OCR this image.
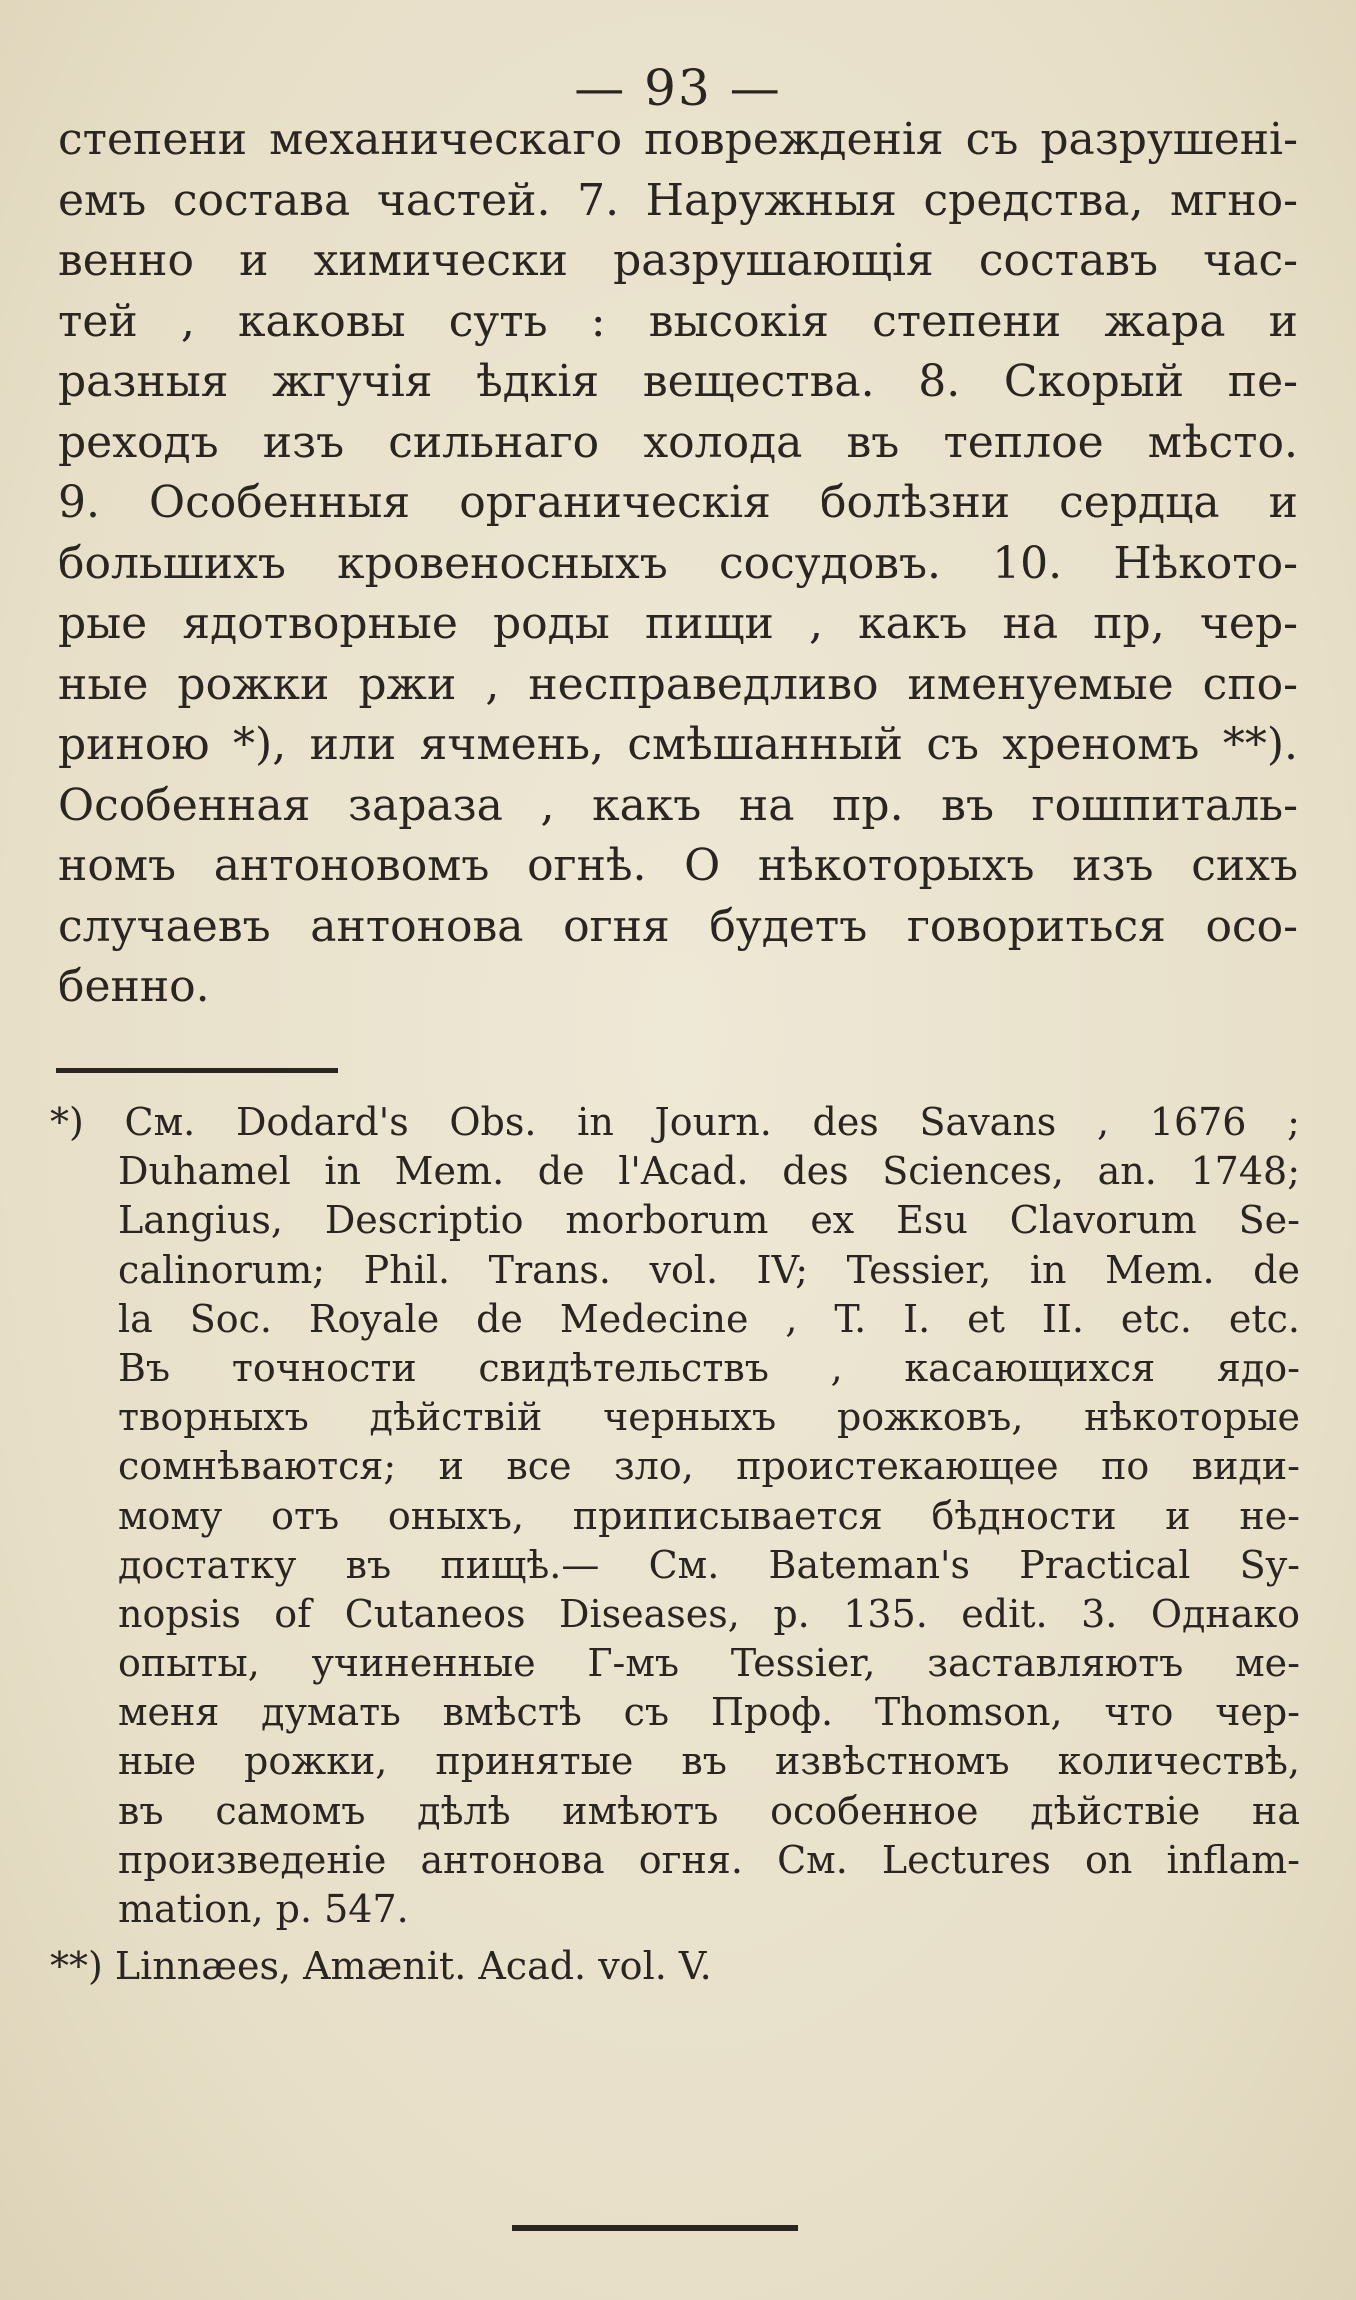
— 93 —
степени механическаго поврежденія съ разрушені-
емъ состава частей. 7. Наружныя средства, мгно-
венно и химически разрушающія составъ час-
тей , каковы суть : высокія степени жара и
разныя жгучія ѣдкія вещества. 8. Скорый пе-
реходъ изъ сильнаго холода въ теплое мѣсто.
9. Особенныя органическія болѣзни сердца и
большихъ кровеносныхъ сосудовъ. 10. Нѣкото-
рые ядотворные роды пищи , какъ на пр, чер-
ные рожки ржи , несправедливо именуемые спо-
риною *), или ячмень, смѣшанный съ хреномъ **).
Особенная зараза , какъ на пр. въ гошпиталь-
номъ антоновомъ огнѣ. О нѣкоторыхъ изъ сихъ
случаевъ антонова огня будетъ говориться осо-
бенно.
*) См. Dodard's Obs. in Journ. des Savans , 1676 ;
Duhamel in Mem. de l'Acad. des Sciences, an. 1748;
Langius, Descriptio morborum ex Esu Clavorum Se-
calinorum; Phil. Trans. vol. IV; Tessier, in Mem. de
la Soc. Royale de Medecine , T. I. et II. etc. etc.
Въ точности свидѣтельствъ , касающихся ядо-
творныхъ дѣйствій черныхъ рожковъ, нѣкоторые
сомнѣваются; и все зло, проистекающее по види-
мому отъ оныхъ, приписывается бѣдности и не-
достатку въ пищѣ.— См. Bateman's Practical Sy-
nopsis of Cutaneos Diseases, p. 135. edit. 3. Однако
опыты, учиненные Г-мъ Tessier, заставляютъ ме-
меня думать вмѣстѣ съ Проф. Thomson, что чер-
ные рожки, принятые въ извѣстномъ количествѣ,
въ самомъ дѣлѣ имѣютъ особенное дѣйствіе на
произведеніе антонова огня. См. Lectures on inflam-
mation, p. 547.
**) Linnæes, Amænit. Acad. vol. V.
